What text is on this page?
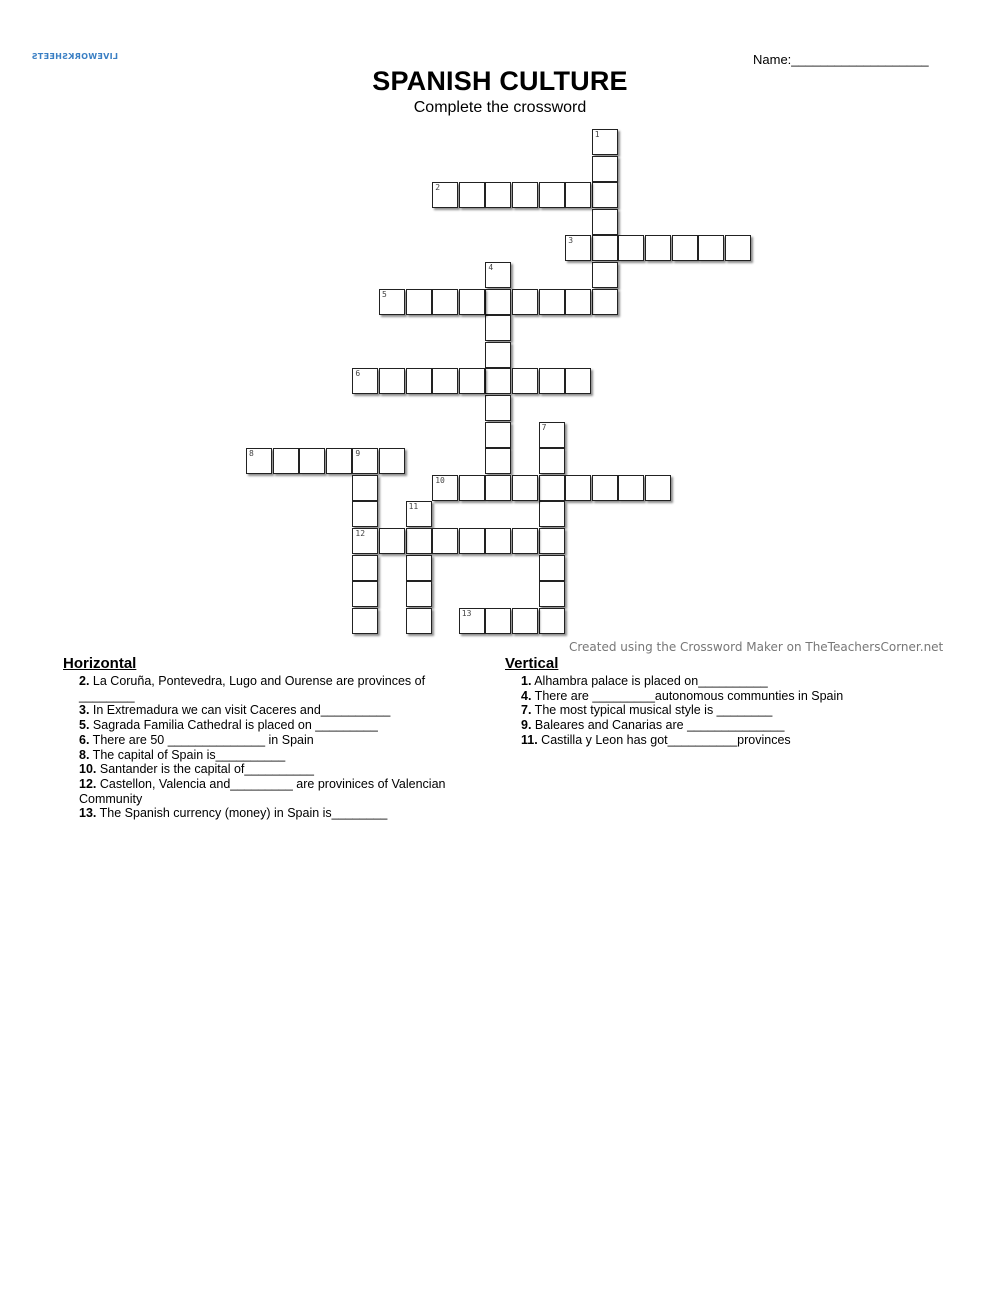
LIVEWORKSHEETS	Name:___________________
SPANISH CULTURE
Complete the crossword
1
2
3
4
5
6
7
8	9
12
10
11
13
Created using the Crossword Maker on TheTeachersCorner.net
Horizontal	Vertical

2. La Coruña, Pontevedra, Lugo and Ourense are provinces of ________

3. In Extremadura we can visit Caceres and__________

5. Sagrada Familia Cathedral is placed on _________

6. There are 50 ______________ in Spain

8. The capital of Spain is__________

10. Santander is the capital of__________

12. Castellon, Valencia and_________ are provinices of Valencian Community

13. The Spanish currency (money) in Spain is________

1. Alhambra palace is placed on__________

4. There are _________autonomous communties in Spain

7. The most typical musical style is ________

9. Baleares and Canarias are ______________

11. Castilla y Leon has got__________provinces
